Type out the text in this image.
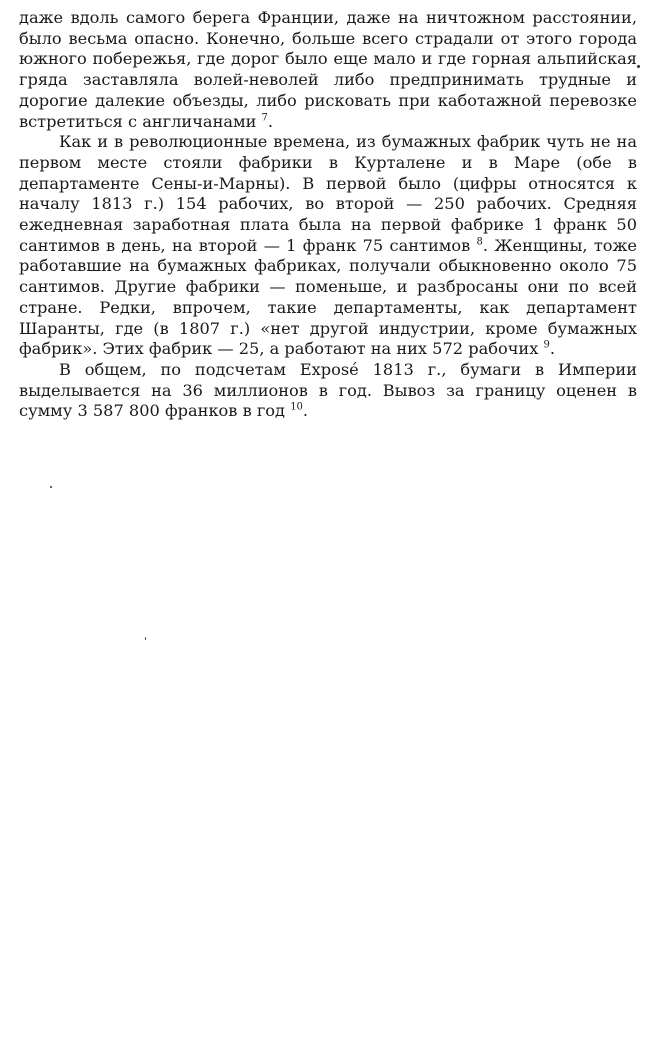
даже вдоль самого берега Франции, даже на ничтожном расстоянии, было весьма опасно. Конечно, больше всего страдали от этого города южного побережья, где дорог было еще мало и где горная альпийская гряда заставляла волей-неволей либо предпринимать трудные и дорогие далекие объезды, либо рисковать при каботажной перевозке встретиться с англичанами $^7$.

Как и в революционные времена, из бумажных фабрик чуть не на первом месте стояли фабрики в Курталене и в Маре (обе в департаменте Сены-и-Марны). В первой было (цифры относятся к началу 1813 г.) 154 рабочих, во второй — 250 рабочих. Средняя ежедневная заработная плата была на первой фабрике 1 франк 50 сантимов в день, на второй — 1 франк 75 сантимов $^8$. Женщины, тоже работавшие на бумажных фабриках, получали обыкновенно около 75 сантимов. Другие фабрики — поменьше, и разбросаны они по всей стране. Редки, впрочем, такие департаменты, как департамент Шаранты, где (в 1807 г.) «нет другой индустрии, кроме бумажных фабрик». Этих фабрик — 25, а работают на них 572 рабочих $^9$.

В общем, по подсчетам Exposé 1813 г., бумаги в Империи выделывается на 36 миллионов в год. Вывоз за границу оценен в сумму 3 587 800 франков в год $^{10}$.
